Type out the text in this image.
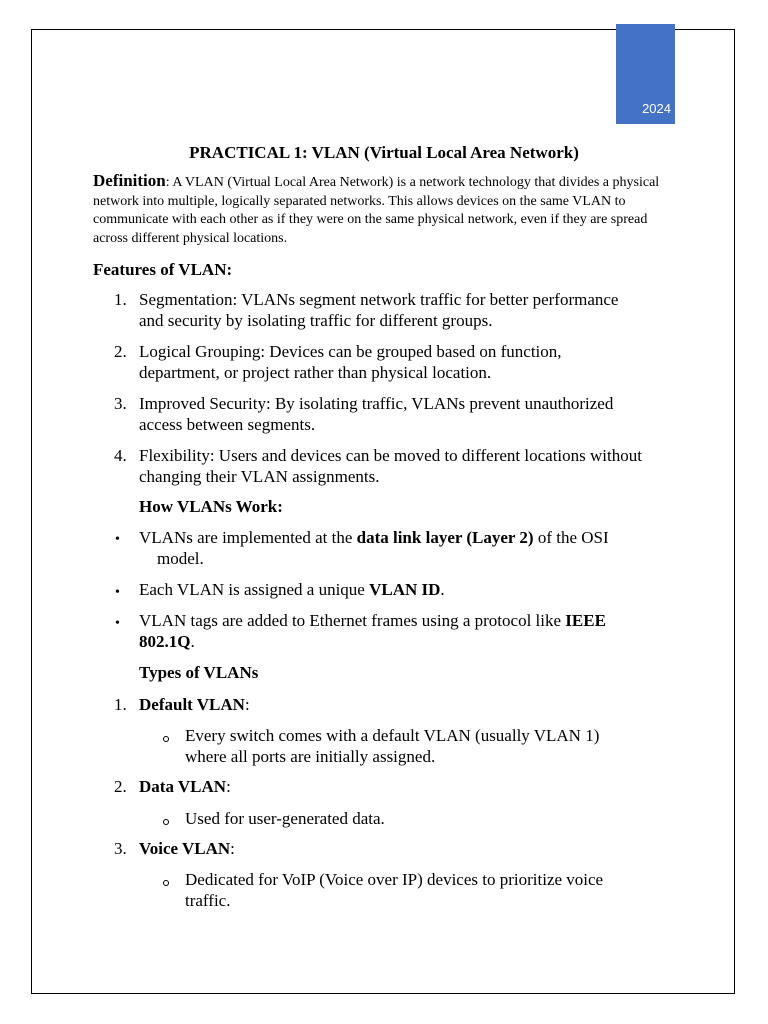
2024
PRACTICAL 1: VLAN (Virtual Local Area Network)
Definition: A VLAN (Virtual Local Area Network) is a network technology that divides a physical network into multiple, logically separated networks. This allows devices on the same VLAN to communicate with each other as if they were on the same physical network, even if they are spread across different physical locations.
Features of VLAN:
1. Segmentation: VLANs segment network traffic for better performance
and security by isolating traffic for different groups.
2. Logical Grouping: Devices can be grouped based on function,
department, or project rather than physical location.
3. Improved Security: By isolating traffic, VLANs prevent unauthorized
access between segments.
4. Flexibility: Users and devices can be moved to different locations without
changing their VLAN assignments.
How VLANs Work:
• VLANs are implemented at the data link layer (Layer 2) of the OSI
model.
• Each VLAN is assigned a unique VLAN ID.
• VLAN tags are added to Ethernet frames using a protocol like IEEE
802.1Q.
Types of VLANs
1. Default VLAN:
Every switch comes with a default VLAN (usually VLAN 1)
where all ports are initially assigned.
2. Data VLAN:
Used for user-generated data.
3. Voice VLAN:
Dedicated for VoIP (Voice over IP) devices to prioritize voice
traffic.
